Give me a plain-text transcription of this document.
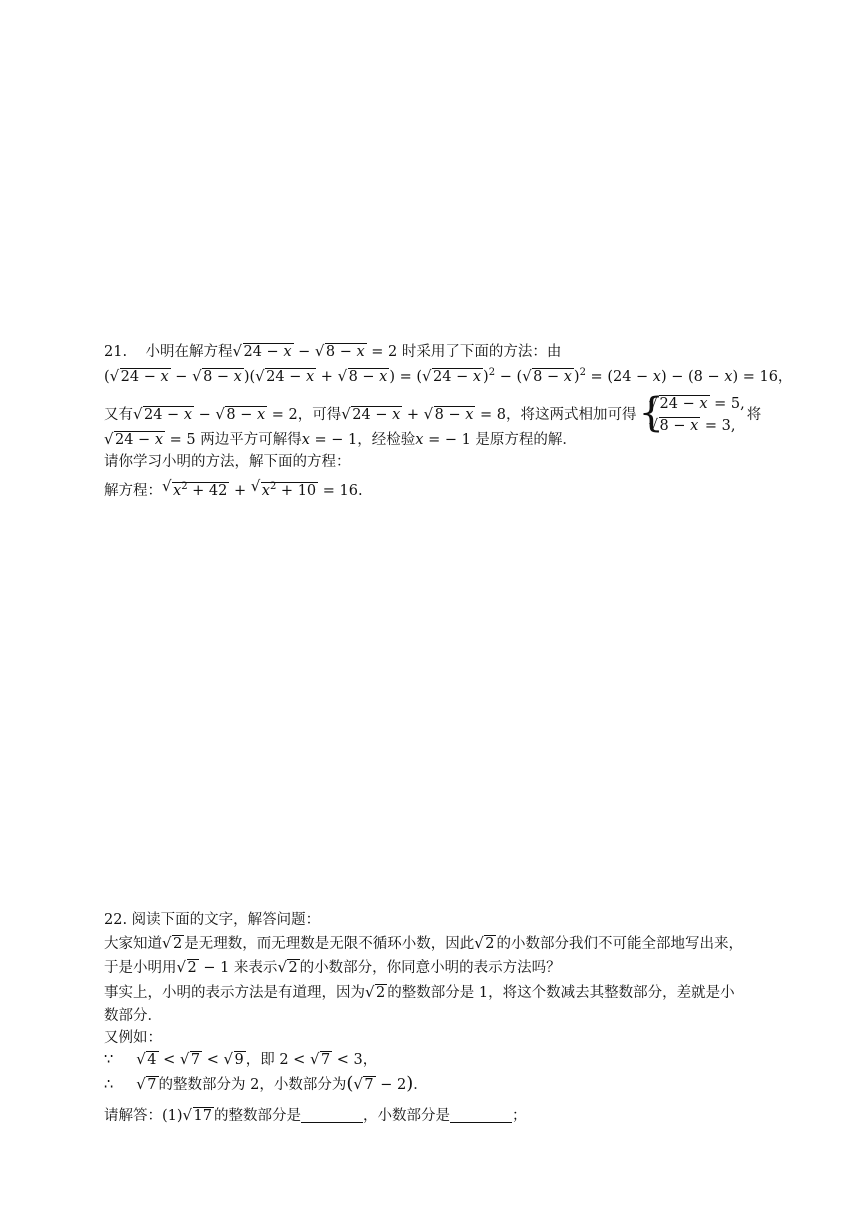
21. 小明在解方程 √ 24 − x − √ 8 − x = 2 时采用了下面的方法：由
( √ 24 − x − √ 8 − x )( √ 24 − x + √ 8 − x ) = ( √ 24 − x )$^2$ − ( √ 8 − x )$^2$ = (24 − x) − (8 − x) = 16，
又有 √ 24 − x − √ 8 − x = 2，可得 √ 24 − x + √ 8 − x = 8，将这两式相加可得 {
√ 24 − x = 5,
√ 8 − x = 3,
将
√ 24 − x = 5 两边平方可解得x = − 1，经检验x = − 1 是原方程的解．
请你学习小明的方法，解下面的方程：
解方程： √ $x^2 + 42$ + √ $x^2 + 10 = 16$.
22. 阅读下面的文字，解答问题：
大家知道 √ 2 是无理数，而无理数是无限不循环小数，因此 √ 2 的小数部分我们不可能全部地写出来，
于是小明用 √ 2 − 1 来表示 √ 2 的小数部分，你同意小明的表示方法吗？
事实上，小明的表示方法是有道理，因为 √ 2 的整数部分是 1，将这个数减去其整数部分，差就是小
数部分．
又例如：
∵ √ 4 < √ 7 < √ 9 ，即 2 < √ 7 < 3，
∴ √ 7 的整数部分为 2，小数部分为( √ 7 − 2)．
请解答：(1) √ 17 的整数部分是	，小数部分是	；
